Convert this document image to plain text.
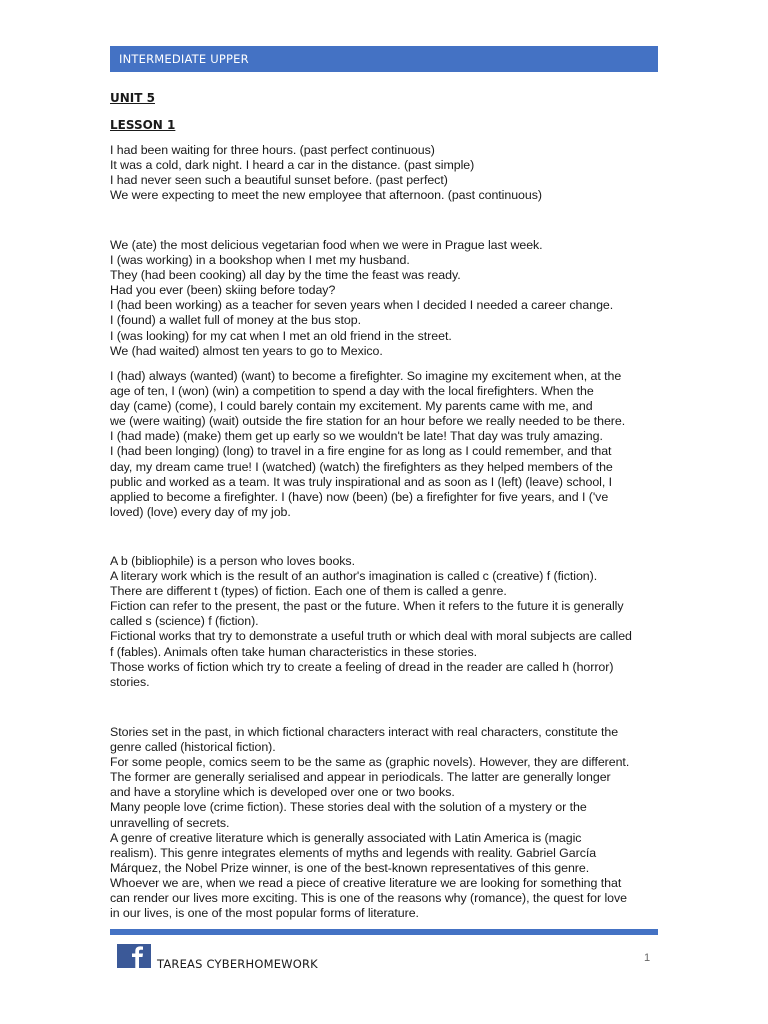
INTERMEDIATE UPPER
UNIT 5
LESSON 1
I had been waiting for three hours. (past perfect continuous)
It was a cold, dark night. I heard a car in the distance. (past simple)
I had never seen such a beautiful sunset before. (past perfect)
We were expecting to meet the new employee that afternoon. (past continuous)
We (ate) the most delicious vegetarian food when we were in Prague last week.
I (was working) in a bookshop when I met my husband.
They (had been cooking) all day by the time the feast was ready.
Had you ever (been) skiing before today?
I (had been working) as a teacher for seven years when I decided I needed a career change.
I (found) a wallet full of money at the bus stop.
I (was looking) for my cat when I met an old friend in the street.
We (had waited) almost ten years to go to Mexico.
I (had) always (wanted) (want) to become a firefighter. So imagine my excitement when, at the
age of ten, I (won) (win) a competition to spend a day with the local firefighters. When the
day (came) (come), I could barely contain my excitement. My parents came with me, and
we (were waiting) (wait) outside the fire station for an hour before we really needed to be there.
I (had made) (make) them get up early so we wouldn't be late! That day was truly amazing.
I (had been longing) (long) to travel in a fire engine for as long as I could remember, and that
day, my dream came true! I (watched) (watch) the firefighters as they helped members of the
public and worked as a team. It was truly inspirational and as soon as I (left) (leave) school, I
applied to become a firefighter. I (have) now (been) (be) a firefighter for five years, and I ('ve
loved) (love) every day of my job.
A b (bibliophile) is a person who loves books.
A literary work which is the result of an author's imagination is called c (creative) f (fiction).
There are different t (types) of fiction. Each one of them is called a genre.
Fiction can refer to the present, the past or the future. When it refers to the future it is generally
called s (science) f (fiction).
Fictional works that try to demonstrate a useful truth or which deal with moral subjects are called
f (fables). Animals often take human characteristics in these stories.
Those works of fiction which try to create a feeling of dread in the reader are called h (horror)
stories.
Stories set in the past, in which fictional characters interact with real characters, constitute the
genre called (historical fiction).
For some people, comics seem to be the same as (graphic novels). However, they are different.
The former are generally serialised and appear in periodicals. The latter are generally longer
and have a storyline which is developed over one or two books.
Many people love (crime fiction). These stories deal with the solution of a mystery or the
unravelling of secrets.
A genre of creative literature which is generally associated with Latin America is (magic
realism). This genre integrates elements of myths and legends with reality. Gabriel García
Márquez, the Nobel Prize winner, is one of the best-known representatives of this genre.
Whoever we are, when we read a piece of creative literature we are looking for something that
can render our lives more exciting. This is one of the reasons why (romance), the quest for love
in our lives, is one of the most popular forms of literature.
TAREAS CYBERHOMEWORK	1
